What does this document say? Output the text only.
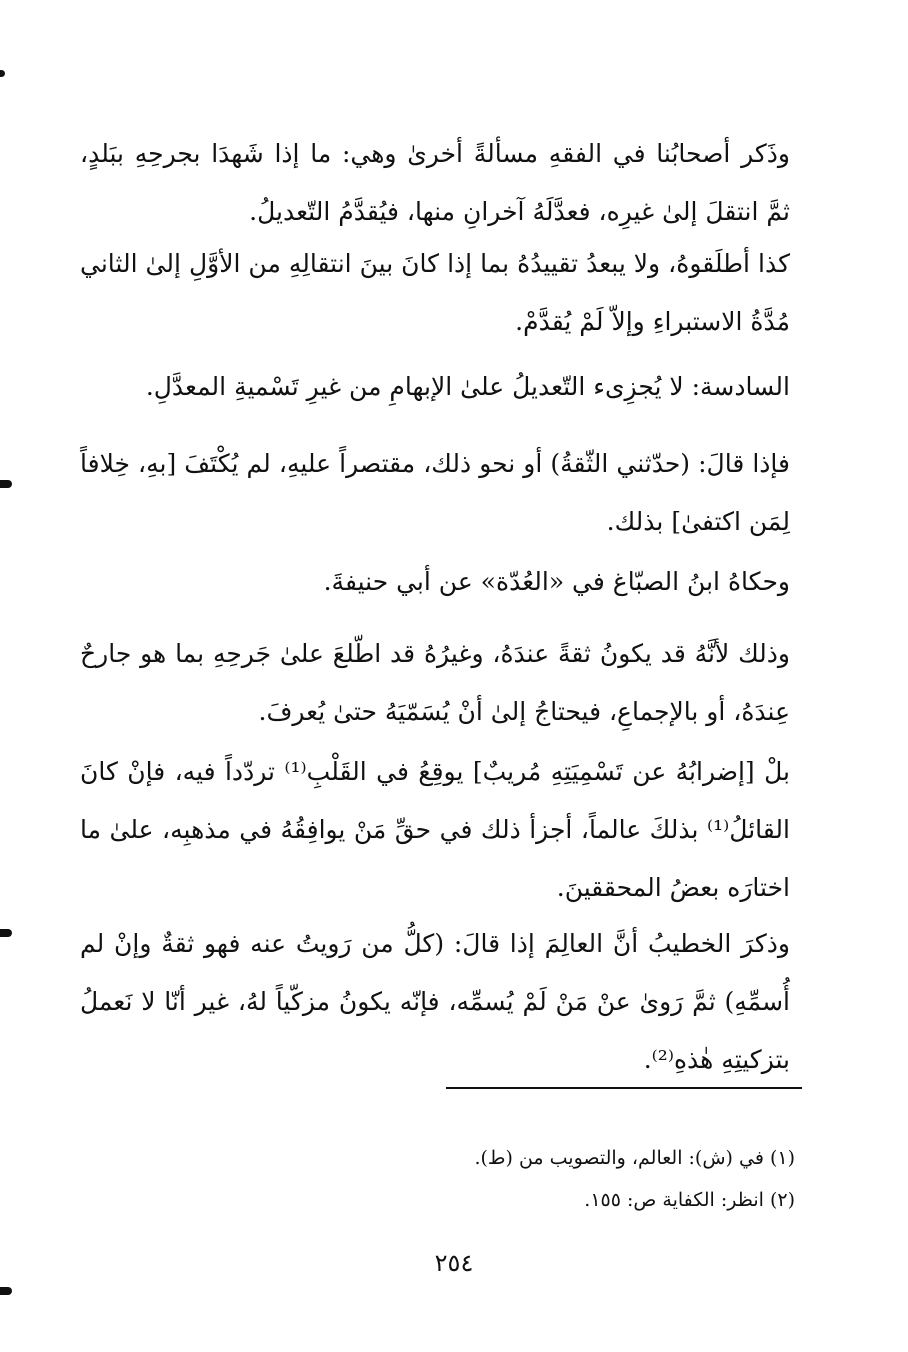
وذَكر أصحابُنا في الفقهِ مسألةً أخرىٰ وهي: ما إذا شَهدَا بجرحِهِ ببَلدٍ، ثمَّ انتقلَ إلىٰ غيرِه، فعدَّلَهُ آخرانِ منها، فيُقدَّمُ التّعديلُ.

كذا أطلَقوهُ، ولا يبعدُ تقييدُهُ بما إذا كانَ بينَ انتقالِهِ من الأوَّلِ إلىٰ الثاني مُدَّةُ الاستبراءِ وإلاّ لَمْ يُقدَّمْ.

السادسة: لا يُجزِىء التّعديلُ علىٰ الإبهامِ من غيرِ تَسْميةِ المعدَّلِ.

فإذا قالَ: (حدّثني الثّقةُ) أو نحو ذلك، مقتصراً عليهِ، لم يُكْتَفَ [بهِ، خِلافاً لِمَن اكتفىٰ] بذلك.

وحكاهُ ابنُ الصبّاغ في «العُدّة» عن أبي حنيفةَ.

وذلك لأنَّهُ قد يكونُ ثقةً عندَهُ، وغيرُهُ قد اطّلعَ علىٰ جَرحِهِ بما هو جارحٌ عِندَهُ، أو بالإجماعِ، فيحتاجُ إلىٰ أنْ يُسَمّيَهُ حتىٰ يُعرفَ.

بلْ [إضرابُهُ عن تَسْمِيَتِهِ مُريبٌ] يوقِعُ في القَلْبِ⁽¹⁾ تردّداً فيه، فإنْ كانَ القائلُ⁽¹⁾ بذلكَ عالماً، أجزأ ذلك في حقِّ مَنْ يوافِقُهُ في مذهبِه، علىٰ ما اختارَه بعضُ المحققينَ.

وذكرَ الخطيبُ أنَّ العالِمَ إذا قالَ: (كلُّ من رَويتُ عنه فهو ثقةٌ وإنْ لم أُسمِّهِ) ثمَّ رَوىٰ عنْ مَنْ لَمْ يُسمِّه، فإنّه يكونُ مزكّياً لهُ، غير أنّا لا نَعملُ بتزكيتِهِ هٰذهِ⁽²⁾.

(١) في (ش): العالم، والتصويب من (ط).

(٢) انظر: الكفاية ص: ١٥٥.

٢٥٤
